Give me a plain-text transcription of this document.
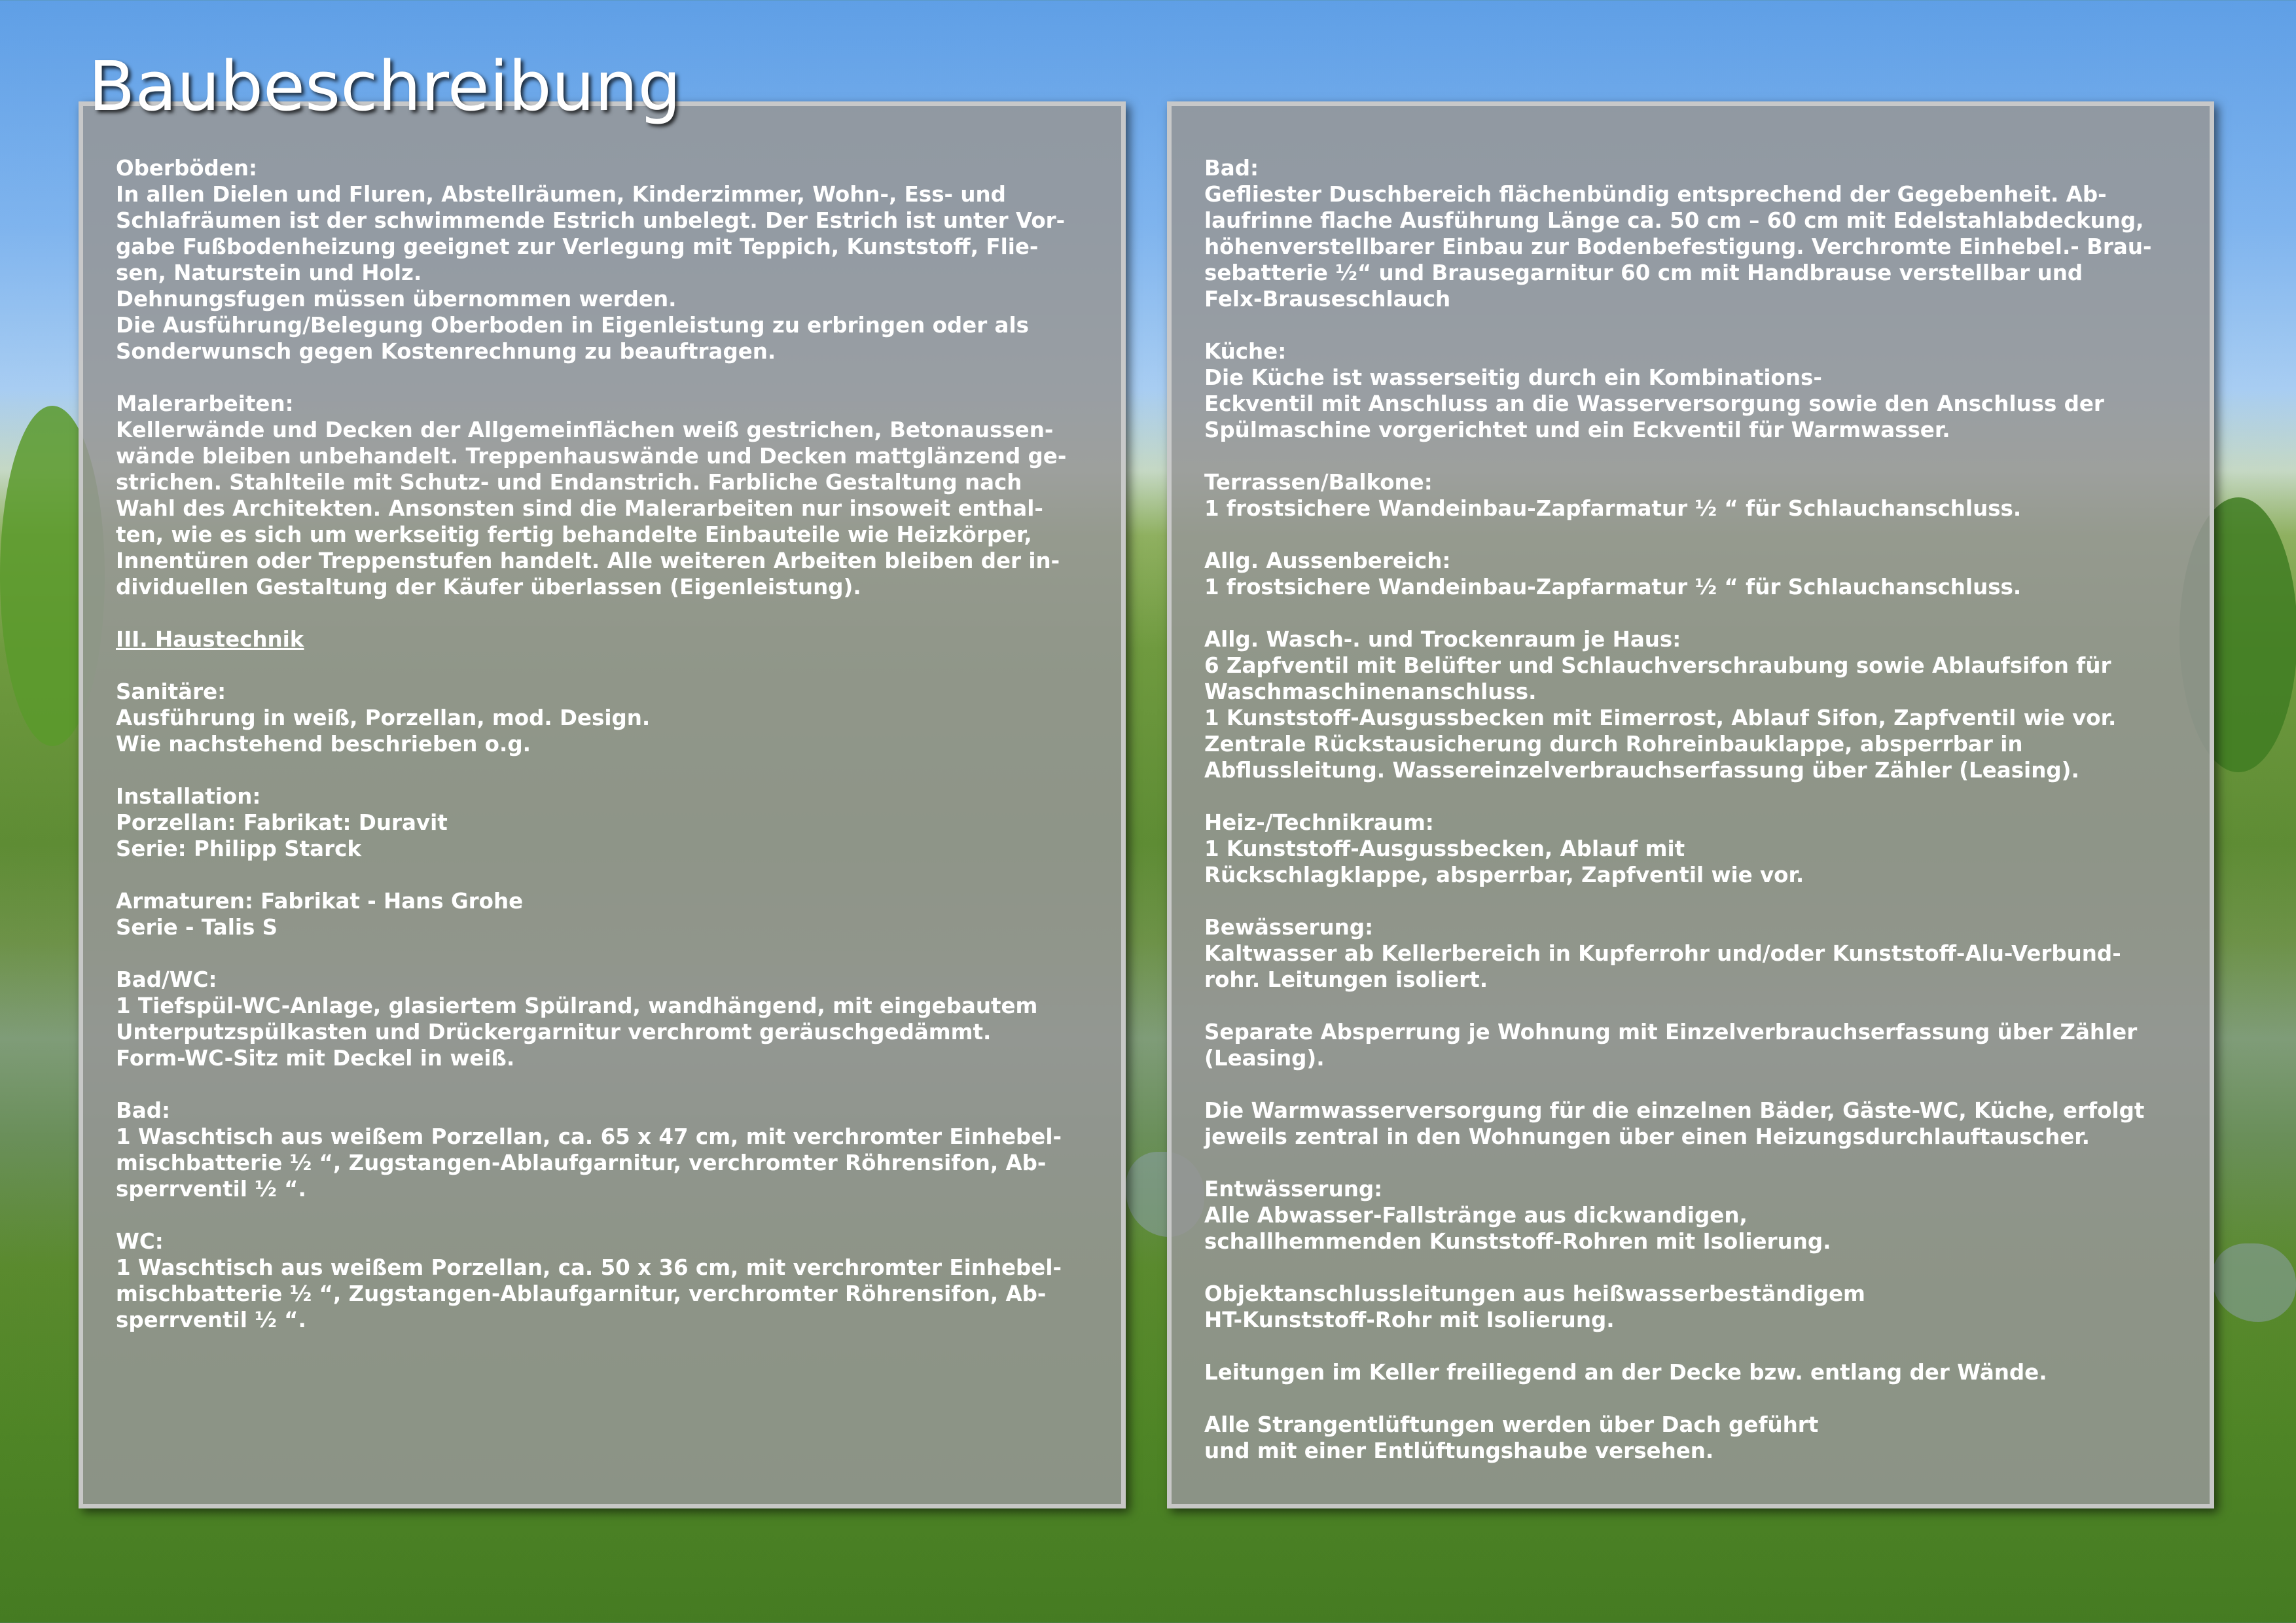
Baubeschreibung

Oberböden:
In allen Dielen und Fluren, Abstellräumen, Kinderzimmer, Wohn-, Ess- und
Schlafräumen ist der schwimmende Estrich unbelegt. Der Estrich ist unter Vor-
gabe Fußbodenheizung geeignet zur Verlegung mit Teppich, Kunststoff, Flie-
sen, Naturstein und Holz.
Dehnungsfugen müssen übernommen werden.
Die Ausführung/Belegung Oberboden in Eigenleistung zu erbringen oder als
Sonderwunsch gegen Kostenrechnung zu beauftragen.

Malerarbeiten:
Kellerwände und Decken der Allgemeinflächen weiß gestrichen, Betonaussen-
wände bleiben unbehandelt. Treppenhauswände und Decken mattglänzend ge-
strichen. Stahlteile mit Schutz- und Endanstrich. Farbliche Gestaltung nach
Wahl des Architekten. Ansonsten sind die Malerarbeiten nur insoweit enthal-
ten, wie es sich um werkseitig fertig behandelte Einbauteile wie Heizkörper,
Innentüren oder Treppenstufen handelt. Alle weiteren Arbeiten bleiben der in-
dividuellen Gestaltung der Käufer überlassen (Eigenleistung).

III. Haustechnik

Sanitäre:
Ausführung in weiß, Porzellan, mod. Design.
Wie nachstehend beschrieben o.g.

Installation:
Porzellan: Fabrikat: Duravit
Serie: Philipp Starck

Armaturen: Fabrikat - Hans Grohe
Serie - Talis S

Bad/WC:
1 Tiefspül-WC-Anlage, glasiertem Spülrand, wandhängend, mit eingebautem
Unterputzspülkasten und Drückergarnitur verchromt geräuschgedämmt.
Form-WC-Sitz mit Deckel in weiß.

Bad:
1 Waschtisch aus weißem Porzellan, ca. 65 x 47 cm, mit verchromter Einhebel-
mischbatterie ½ “, Zugstangen-Ablaufgarnitur, verchromter Röhrensifon, Ab-
sperrventil ½ “.

WC:
1 Waschtisch aus weißem Porzellan, ca. 50 x 36 cm, mit verchromter Einhebel-
mischbatterie ½ “, Zugstangen-Ablaufgarnitur, verchromter Röhrensifon, Ab-
sperrventil ½ “.

Bad:
Gefliester Duschbereich flächenbündig entsprechend der Gegebenheit. Ab-
laufrinne flache Ausführung Länge ca. 50 cm – 60 cm mit Edelstahlabdeckung,
höhenverstellbarer Einbau zur Bodenbefestigung. Verchromte Einhebel.- Brau-
sebatterie ½“ und Brausegarnitur 60 cm mit Handbrause verstellbar und
Felx-Brauseschlauch

Küche:
Die Küche ist wasserseitig durch ein Kombinations-
Eckventil mit Anschluss an die Wasserversorgung sowie den Anschluss der
Spülmaschine vorgerichtet und ein Eckventil für Warmwasser.

Terrassen/Balkone:
1 frostsichere Wandeinbau-Zapfarmatur ½ “ für Schlauchanschluss.

Allg. Aussenbereich:
1 frostsichere Wandeinbau-Zapfarmatur ½ “ für Schlauchanschluss.

Allg. Wasch-. und Trockenraum je Haus:
6 Zapfventil mit Belüfter und Schlauchverschraubung sowie Ablaufsifon für
Waschmaschinenanschluss.
1 Kunststoff-Ausgussbecken mit Eimerrost, Ablauf Sifon, Zapfventil wie vor.
Zentrale Rückstausicherung durch Rohreinbauklappe, absperrbar in
Abflussleitung. Wassereinzelverbrauchserfassung über Zähler (Leasing).

Heiz-/Technikraum:
1 Kunststoff-Ausgussbecken, Ablauf mit
Rückschlagklappe, absperrbar, Zapfventil wie vor.

Bewässerung:
Kaltwasser ab Kellerbereich in Kupferrohr und/oder Kunststoff-Alu-Verbund-
rohr. Leitungen isoliert.

Separate Absperrung je Wohnung mit Einzelverbrauchserfassung über Zähler
(Leasing).

Die Warmwasserversorgung für die einzelnen Bäder, Gäste-WC, Küche, erfolgt
jeweils zentral in den Wohnungen über einen Heizungsdurchlauftauscher.

Entwässerung:
Alle Abwasser-Fallstränge aus dickwandigen,
schallhemmenden Kunststoff-Rohren mit Isolierung.

Objektanschlussleitungen aus heißwasserbeständigem
HT-Kunststoff-Rohr mit Isolierung.

Leitungen im Keller freiliegend an der Decke bzw. entlang der Wände.

Alle Strangentlüftungen werden über Dach geführt
und mit einer Entlüftungshaube versehen.
